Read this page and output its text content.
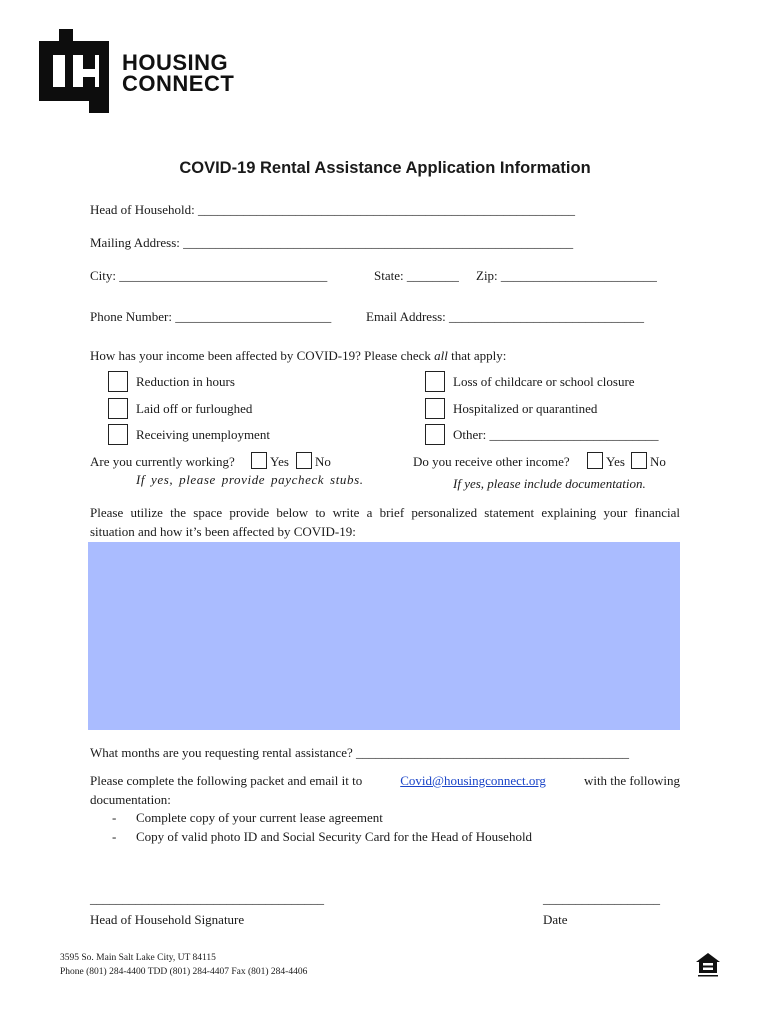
HOUSING
CONNECT
COVID-19 Rental Assistance Application Information
Head of Household: __________________________________________________________
Mailing Address: ____________________________________________________________
City: ________________________________	State: ________ Zip: ________________________
Phone Number: ________________________	Email Address: ______________________________
How has your income been affected by COVID-19? Please check all that apply:
Reduction in hours
Laid off or furloughed
Receiving unemployment
Loss of childcare or school closure
Hospitalized or quarantined
Other: __________________________
Are you currently working?	Yes No
If yes, please provide paycheck stubs.
Do you receive other income?	Yes No
If yes, please include documentation.
Please utilize the space provide below to write a brief personalized statement explaining your financial
situation and how it’s been affected by COVID-19:
What months are you requesting rental assistance? __________________________________________
Please complete the following packet and email it to	Covid@housingconnect.org	with the following
documentation:
- Complete copy of your current lease agreement
- Copy of valid photo ID and Social Security Card for the Head of Household
____________________________________	__________________
Head of Household Signature	Date
3595 So. Main Salt Lake City, UT 84115
Phone (801) 284-4400 TDD (801) 284-4407 Fax (801) 284-4406
